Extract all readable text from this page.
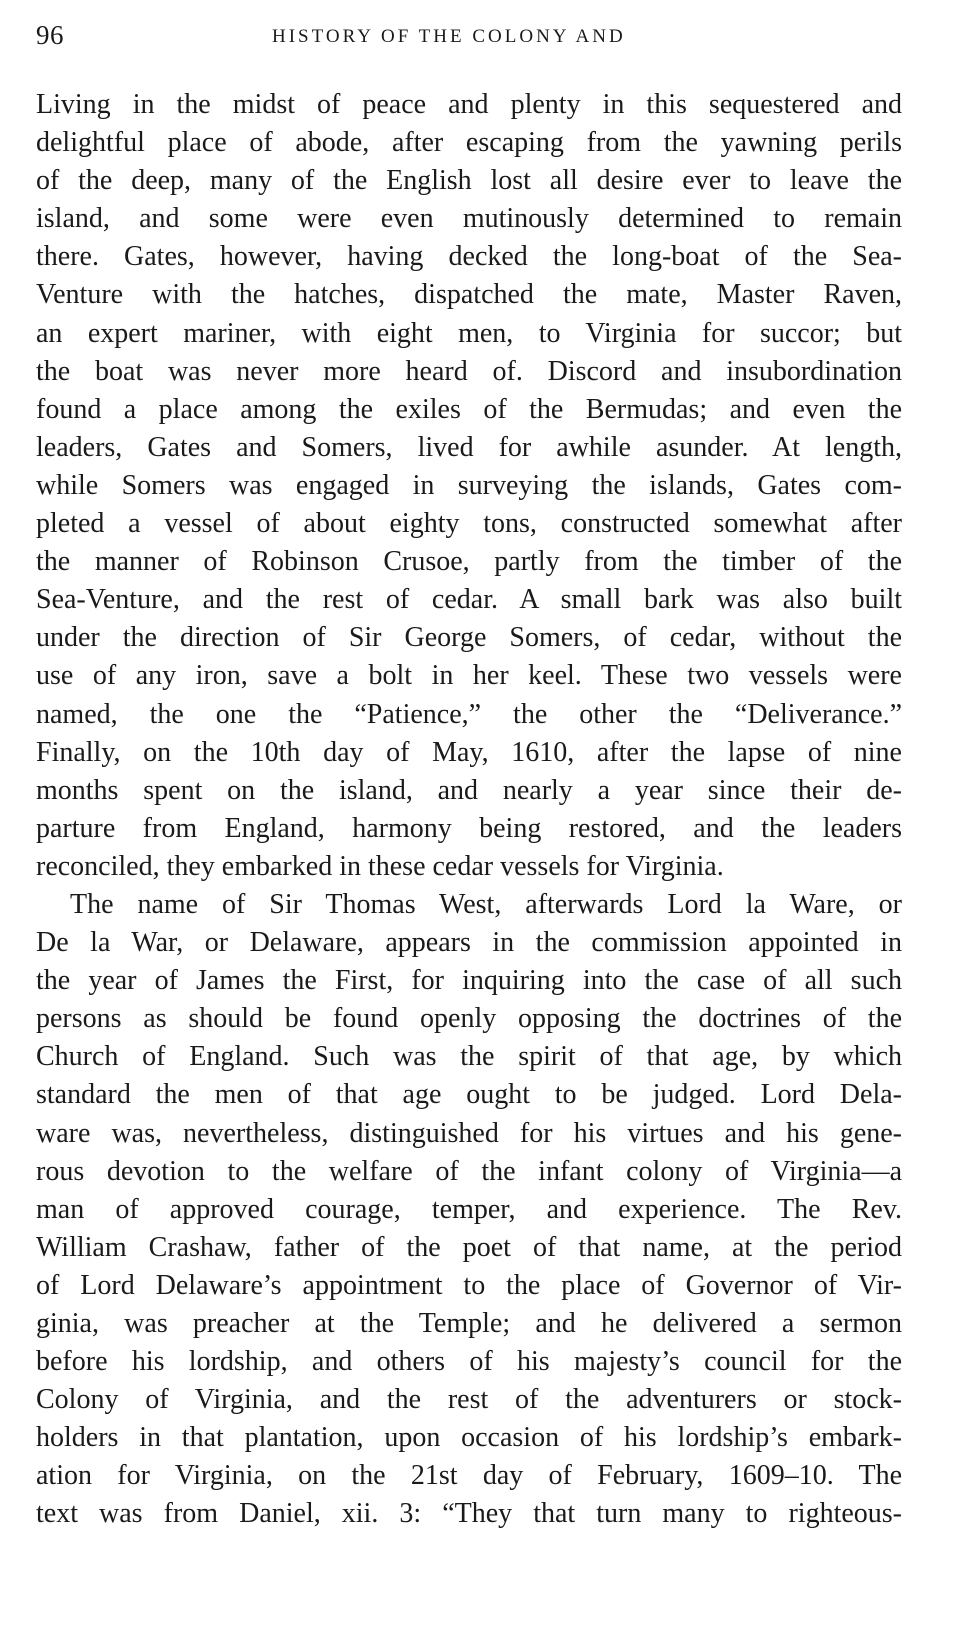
96	HISTORY OF THE COLONY AND
Living in the midst of peace and plenty in this sequestered and
delightful place of abode, after escaping from the yawning perils
of the deep, many of the English lost all desire ever to leave the
island, and some were even mutinously determined to remain
there. Gates, however, having decked the long-boat of the Sea-
Venture with the hatches, dispatched the mate, Master Raven,
an expert mariner, with eight men, to Virginia for succor; but
the boat was never more heard of. Discord and insubordination
found a place among the exiles of the Bermudas; and even the
leaders, Gates and Somers, lived for awhile asunder. At length,
while Somers was engaged in surveying the islands, Gates com-
pleted a vessel of about eighty tons, constructed somewhat after
the manner of Robinson Crusoe, partly from the timber of the
Sea-Venture, and the rest of cedar. A small bark was also built
under the direction of Sir George Somers, of cedar, without the
use of any iron, save a bolt in her keel. These two vessels were
named, the one the “Patience,” the other the “Deliverance.”
Finally, on the 10th day of May, 1610, after the lapse of nine
months spent on the island, and nearly a year since their de-
parture from England, harmony being restored, and the leaders
reconciled, they embarked in these cedar vessels for Virginia.
The name of Sir Thomas West, afterwards Lord la Ware, or
De la War, or Delaware, appears in the commission appointed in
the year of James the First, for inquiring into the case of all such
persons as should be found openly opposing the doctrines of the
Church of England. Such was the spirit of that age, by which
standard the men of that age ought to be judged. Lord Dela-
ware was, nevertheless, distinguished for his virtues and his gene-
rous devotion to the welfare of the infant colony of Virginia—a
man of approved courage, temper, and experience. The Rev.
William Crashaw, father of the poet of that name, at the period
of Lord Delaware’s appointment to the place of Governor of Vir-
ginia, was preacher at the Temple; and he delivered a sermon
before his lordship, and others of his majesty’s council for the
Colony of Virginia, and the rest of the adventurers or stock-
holders in that plantation, upon occasion of his lordship’s embark-
ation for Virginia, on the 21st day of February, 1609–10. The
text was from Daniel, xii. 3: “They that turn many to righteous-
